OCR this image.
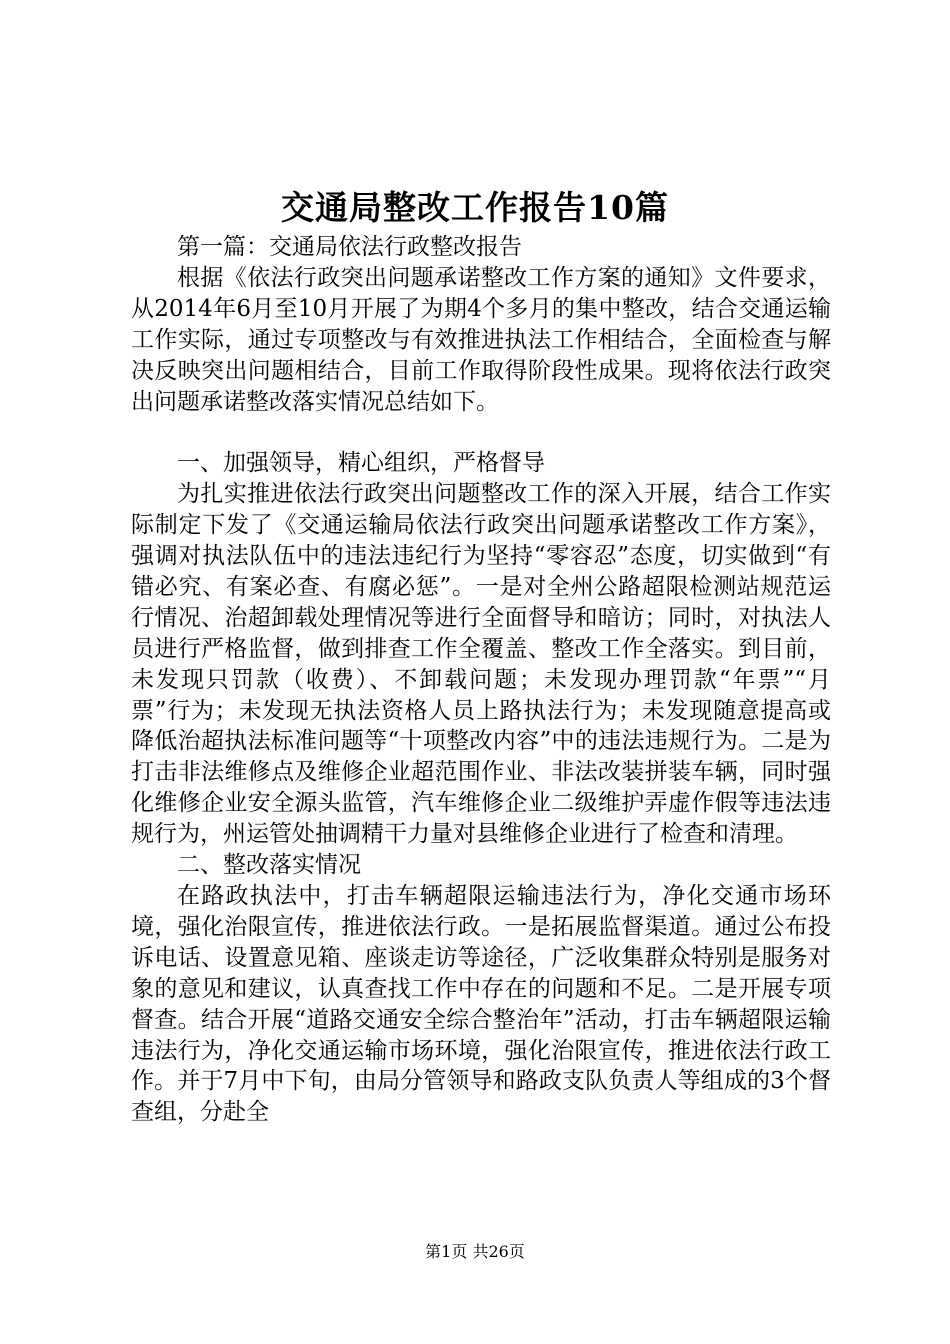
交通局整改工作报告10篇

第一篇：交通局依法行政整改报告

根据《依法行政突出问题承诺整改工作方案的通知》文件要求，从2014年6月至10月开展了为期4个多月的集中整改，结合交通运输工作实际，通过专项整改与有效推进执法工作相结合，全面检查与解决反映突出问题相结合，目前工作取得阶段性成果。现将依法行政突出问题承诺整改落实情况总结如下。

一、加强领导，精心组织，严格督导

为扎实推进依法行政突出问题整改工作的深入开展，结合工作实际制定下发了《交通运输局依法行政突出问题承诺整改工作方案》，强调对执法队伍中的违法违纪行为坚持“零容忍”态度，切实做到“有错必究、有案必查、有腐必惩”。一是对全州公路超限检测站规范运行情况、治超卸载处理情况等进行全面督导和暗访；同时，对执法人员进行严格监督，做到排查工作全覆盖、整改工作全落实。到目前，未发现只罚款（收费）、不卸载问题；未发现办理罚款“年票”“月票”行为；未发现无执法资格人员上路执法行为；未发现随意提高或降低治超执法标准问题等“十项整改内容”中的违法违规行为。二是为打击非法维修点及维修企业超范围作业、非法改装拼装车辆，同时强化维修企业安全源头监管，汽车维修企业二级维护弄虚作假等违法违规行为，州运管处抽调精干力量对县维修企业进行了检查和清理。

二、整改落实情况

在路政执法中，打击车辆超限运输违法行为，净化交通市场环境，强化治限宣传，推进依法行政。一是拓展监督渠道。通过公布投诉电话、设置意见箱、座谈走访等途径，广泛收集群众特别是服务对象的意见和建议，认真查找工作中存在的问题和不足。二是开展专项督查。结合开展“道路交通安全综合整治年”活动，打击车辆超限运输违法行为，净化交通运输市场环境，强化治限宣传，推进依法行政工作。并于7月中下旬，由局分管领导和路政支队负责人等组成的3个督查组，分赴全

第1页 共26页
